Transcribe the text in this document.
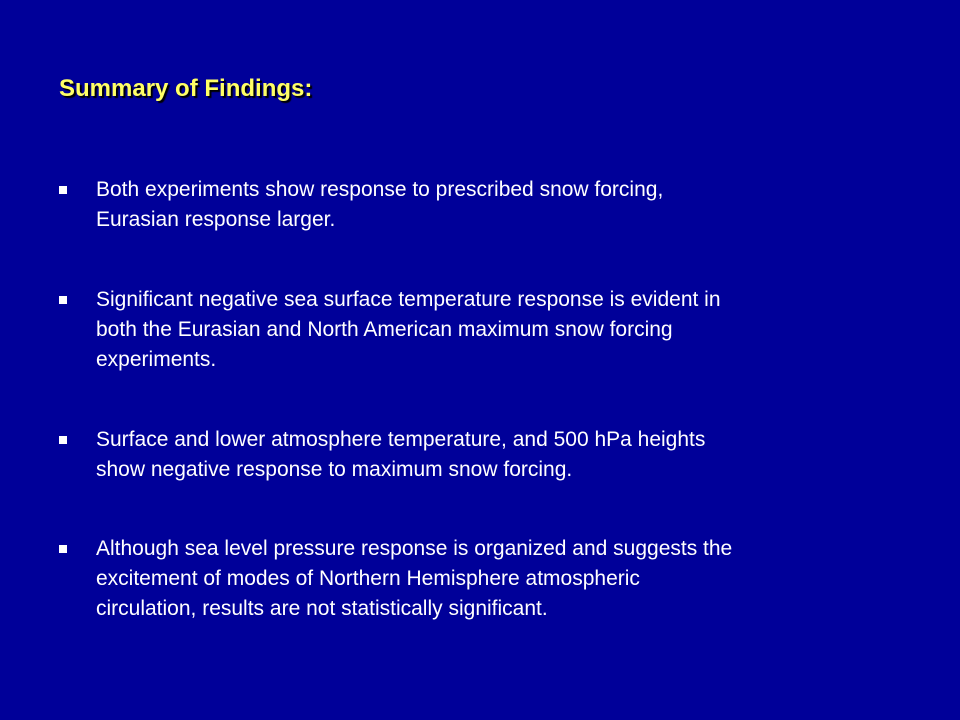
Summary of Findings:
Both experiments show response to prescribed snow forcing,
Eurasian response larger.
Significant negative sea surface temperature response is evident in
both the Eurasian and North American maximum snow forcing
experiments.
Surface and lower atmosphere temperature, and 500 hPa heights
show negative response to maximum snow forcing.
Although sea level pressure response is organized and suggests the
excitement of modes of Northern Hemisphere atmospheric
circulation, results are not statistically significant.
